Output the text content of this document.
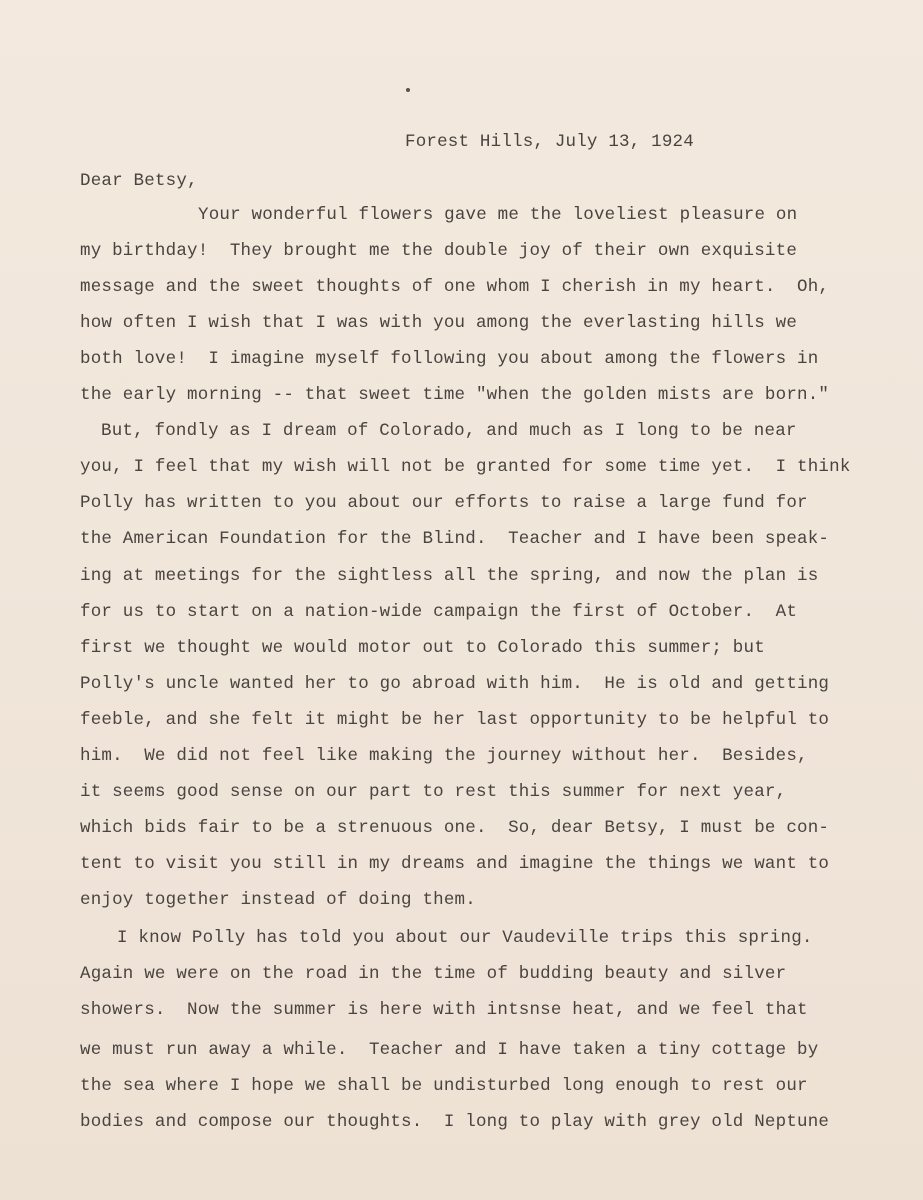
Forest Hills, July 13, 1924
Dear Betsy,
Your wonderful flowers gave me the loveliest pleasure on
my birthday!  They brought me the double joy of their own exquisite
message and the sweet thoughts of one whom I cherish in my heart.  Oh,
how often I wish that I was with you among the everlasting hills we
both love!  I imagine myself following you about among the flowers in
the early morning -- that sweet time "when the golden mists are born."
But, fondly as I dream of Colorado, and much as I long to be near
you, I feel that my wish will not be granted for some time yet.  I think
Polly has written to you about our efforts to raise a large fund for
the American Foundation for the Blind.  Teacher and I have been speak-
ing at meetings for the sightless all the spring, and now the plan is
for us to start on a nation-wide campaign the first of October.  At
first we thought we would motor out to Colorado this summer; but
Polly's uncle wanted her to go abroad with him.  He is old and getting
feeble, and she felt it might be her last opportunity to be helpful to
him.  We did not feel like making the journey without her.  Besides,
it seems good sense on our part to rest this summer for next year,
which bids fair to be a strenuous one.  So, dear Betsy, I must be con-
tent to visit you still in my dreams and imagine the things we want to
enjoy together instead of doing them.
I know Polly has told you about our Vaudeville trips this spring.
Again we were on the road in the time of budding beauty and silver
showers.  Now the summer is here with intsnse heat, and we feel that
we must run away a while.  Teacher and I have taken a tiny cottage by
the sea where I hope we shall be undisturbed long enough to rest our
bodies and compose our thoughts.  I long to play with grey old Neptune
